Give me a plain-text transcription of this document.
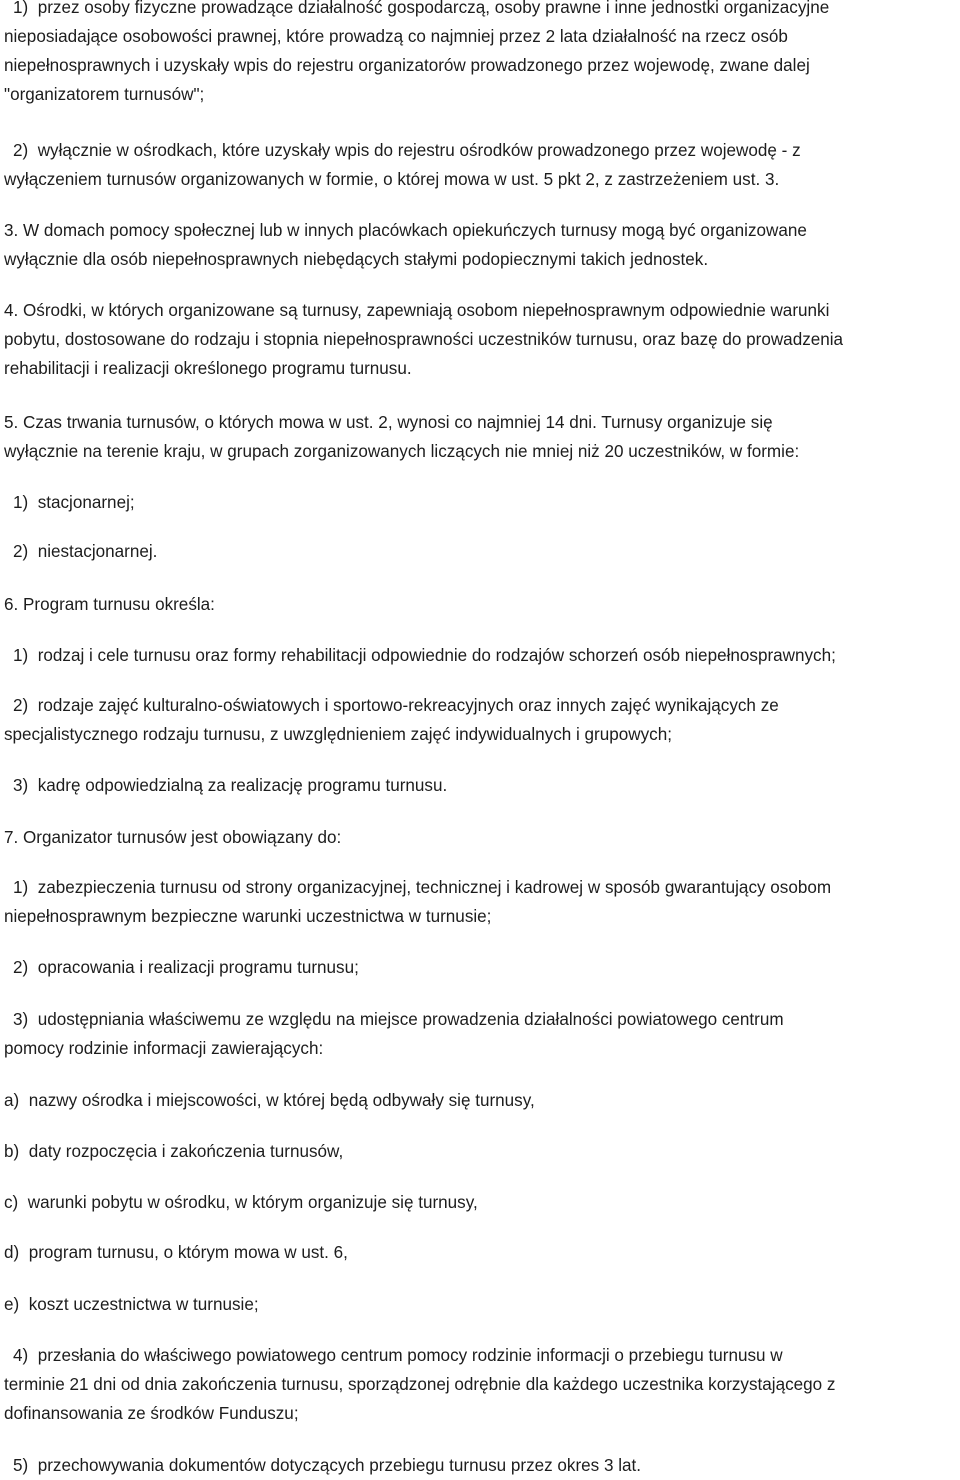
1)  przez osoby fizyczne prowadzące działalność gospodarczą, osoby prawne i inne jednostki organizacyjne
nieposiadające osobowości prawnej, które prowadzą co najmniej przez 2 lata działalność na rzecz osób
niepełnosprawnych i uzyskały wpis do rejestru organizatorów prowadzonego przez wojewodę, zwane dalej
"organizatorem turnusów";

2)  wyłącznie w ośrodkach, które uzyskały wpis do rejestru ośrodków prowadzonego przez wojewodę - z
wyłączeniem turnusów organizowanych w formie, o której mowa w ust. 5 pkt 2, z zastrzeżeniem ust. 3.

3. W domach pomocy społecznej lub w innych placówkach opiekuńczych turnusy mogą być organizowane
wyłącznie dla osób niepełnosprawnych niebędących stałymi podopiecznymi takich jednostek.

4. Ośrodki, w których organizowane są turnusy, zapewniają osobom niepełnosprawnym odpowiednie warunki
pobytu, dostosowane do rodzaju i stopnia niepełnosprawności uczestników turnusu, oraz bazę do prowadzenia
rehabilitacji i realizacji określonego programu turnusu.

5. Czas trwania turnusów, o których mowa w ust. 2, wynosi co najmniej 14 dni. Turnusy organizuje się
wyłącznie na terenie kraju, w grupach zorganizowanych liczących nie mniej niż 20 uczestników, w formie:

1)  stacjonarnej;

2)  niestacjonarnej.

6. Program turnusu określa:

1)  rodzaj i cele turnusu oraz formy rehabilitacji odpowiednie do rodzajów schorzeń osób niepełnosprawnych;

2)  rodzaje zajęć kulturalno-oświatowych i sportowo-rekreacyjnych oraz innych zajęć wynikających ze
specjalistycznego rodzaju turnusu, z uwzględnieniem zajęć indywidualnych i grupowych;

3)  kadrę odpowiedzialną za realizację programu turnusu.

7. Organizator turnusów jest obowiązany do:

1)  zabezpieczenia turnusu od strony organizacyjnej, technicznej i kadrowej w sposób gwarantujący osobom
niepełnosprawnym bezpieczne warunki uczestnictwa w turnusie;

2)  opracowania i realizacji programu turnusu;

3)  udostępniania właściwemu ze względu na miejsce prowadzenia działalności powiatowego centrum
pomocy rodzinie informacji zawierających:

a)  nazwy ośrodka i miejscowości, w której będą odbywały się turnusy,

b)  daty rozpoczęcia i zakończenia turnusów,

c)  warunki pobytu w ośrodku, w którym organizuje się turnusy,

d)  program turnusu, o którym mowa w ust. 6,

e)  koszt uczestnictwa w turnusie;

4)  przesłania do właściwego powiatowego centrum pomocy rodzinie informacji o przebiegu turnusu w
terminie 21 dni od dnia zakończenia turnusu, sporządzonej odrębnie dla każdego uczestnika korzystającego z
dofinansowania ze środków Funduszu;

5)  przechowywania dokumentów dotyczących przebiegu turnusu przez okres 3 lat.
